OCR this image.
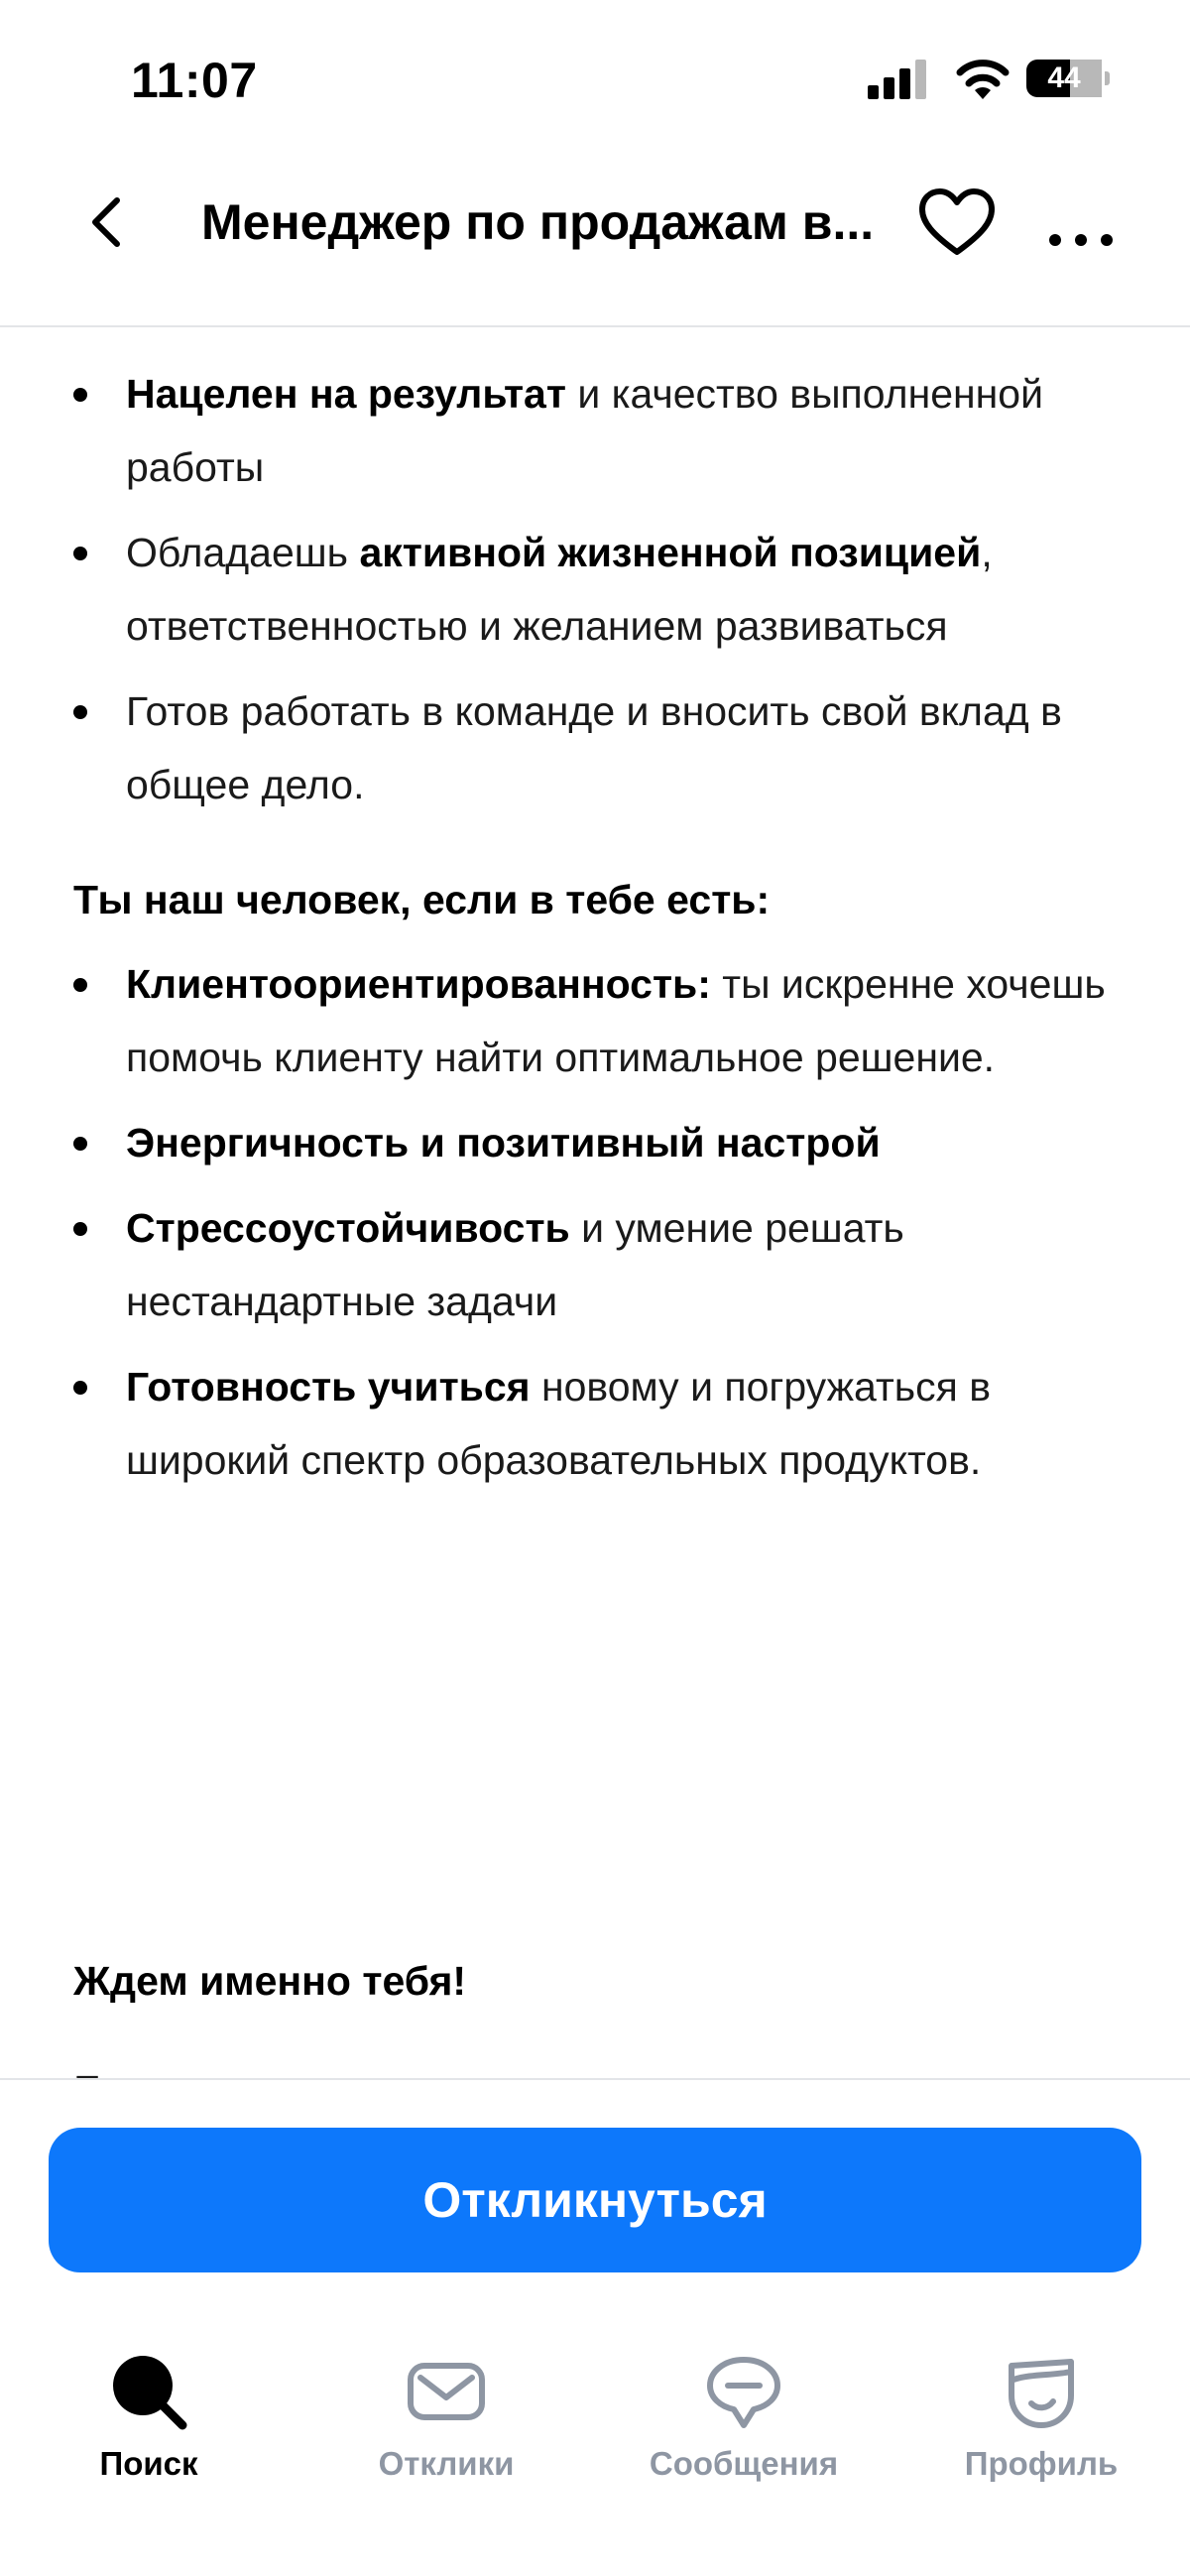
11:07	44
Менеджер по продажам в...
Нацелен на результат и качество выполненной работы
Обладаешь активной жизненной позицией, ответственностью и желанием развиваться
Готов работать в команде и вносить свой вклад в общее дело.
Ты наш человек, если в тебе есть:
Клиентоориентированность: ты искренне хочешь помочь клиенту найти оптимальное решение.
Энергичность и позитивный настрой
Стрессоустойчивость и умение решать нестандартные задачи
Готовность учиться новому и погружаться в широкий спектр образовательных продуктов.
Ждем именно тебя!
Откликнуться
Поиск	Отклики	Сообщения	Профиль
